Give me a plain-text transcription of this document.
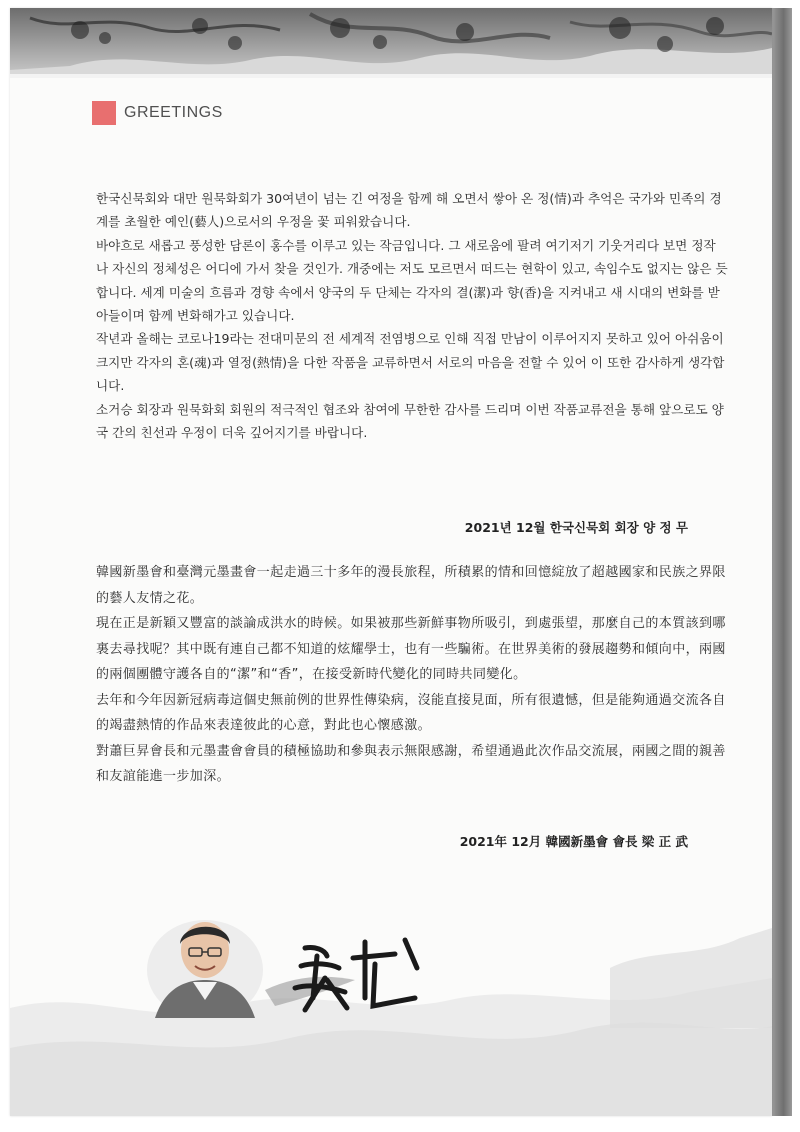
GREETINGS

한국신묵회와 대만 원묵화회가 30여년이 넘는 긴 여정을 함께 해 오면서 쌓아 온 정(情)과 추억은 국가와 민족의 경계를 초월한 예인(藝人)으로서의 우정을 꽃 피워왔습니다.

바야흐로 새롭고 풍성한 담론이 홍수를 이루고 있는 작금입니다. 그 새로움에 팔려 여기저기 기웃거리다 보면 정작 나 자신의 정체성은 어디에 가서 찾을 것인가. 개중에는 저도 모르면서 떠드는 현학이 있고, 속임수도 없지는 않은 듯합니다. 세계 미술의 흐름과 경향 속에서 양국의 두 단체는 각자의 결(潔)과 향(香)을 지켜내고 새 시대의 변화를 받아들이며 함께 변화해가고 있습니다.

작년과 올해는 코로나19라는 전대미문의 전 세계적 전염병으로 인해 직접 만남이 이루어지지 못하고 있어 아쉬움이 크지만 각자의 혼(魂)과 열정(熱情)을 다한 작품을 교류하면서 서로의 마음을 전할 수 있어 이 또한 감사하게 생각합니다.

소거승 회장과 원묵화회 회원의 적극적인 협조와 참여에 무한한 감사를 드리며 이번 작품교류전을 통해 앞으로도 양국 간의 친선과 우정이 더욱 깊어지기를 바랍니다.

2021년 12월 한국신묵회 회장 양 정 무

韓國新墨會和臺灣元墨畫會一起走過三十多年的漫長旅程，所積累的情和回憶綻放了超越國家和民族之界限的藝人友情之花。

現在正是新穎又豐富的談論成洪水的時候。如果被那些新鮮事物所吸引，到處張望，那麼自己的本質該到哪裏去尋找呢？其中既有連自己都不知道的炫耀學士，也有一些騙術。在世界美術的發展趨勢和傾向中，兩國的兩個團體守護各自的“潔”和“香”，在接受新時代變化的同時共同變化。

去年和今年因新冠病毒這個史無前例的世界性傳染病，沒能直接見面，所有很遺憾，但是能夠通過交流各自的竭盡熱情的作品來表達彼此的心意，對此也心懷感激。

對蕭巨昇會長和元墨畫會會員的積極協助和參與表示無限感謝，希望通過此次作品交流展，兩國之間的親善和友誼能進一步加深。

2021年 12月 韓國新墨會 會長 梁 正 武
